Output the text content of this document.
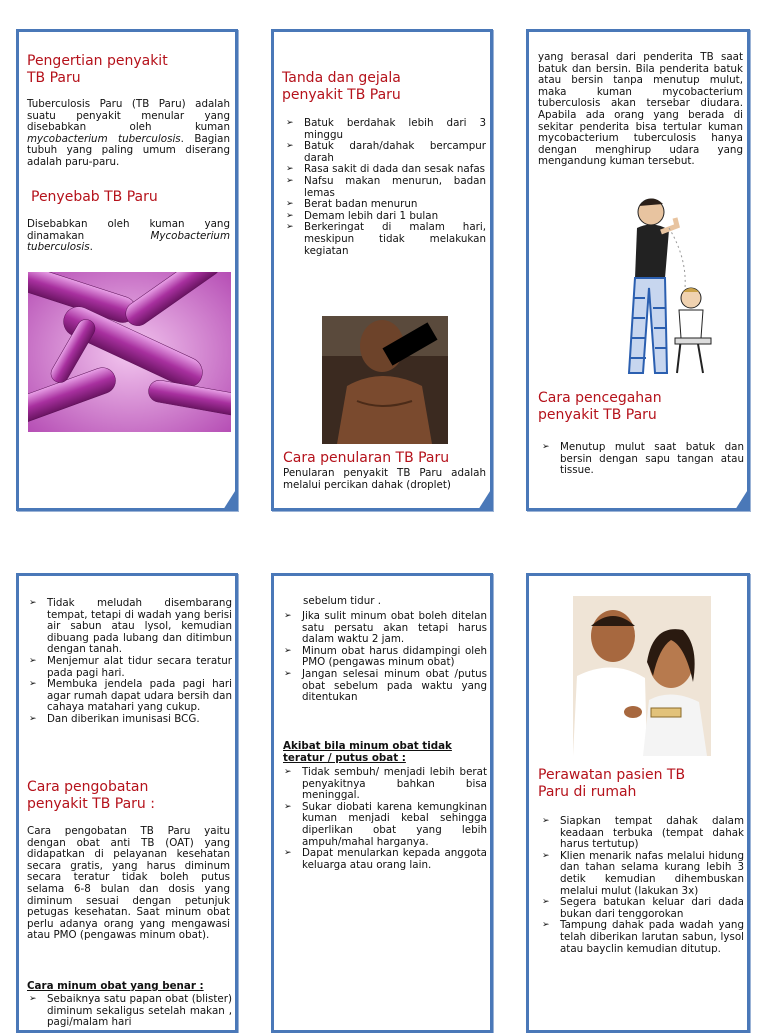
Pengertian penyakit
TB Paru

Tuberculosis Paru (TB Paru) adalah suatu penyakit menular yang disebabkan oleh kuman mycobacterium tuberculosis. Bagian tubuh yang paling umum diserang adalah paru-paru.

Penyebab TB Paru

Disebabkan oleh kuman yang dinamakan Mycobacterium tuberculosis.

Tanda dan gejala
penyakit TB Paru
➢ Batuk berdahak lebih dari 3 minggu
➢ Batuk darah/dahak bercampur darah
➢ Rasa sakit di dada dan sesak nafas
➢ Nafsu makan menurun, badan lemas
➢ Berat badan menurun
➢ Demam lebih dari 1 bulan
➢ Berkeringat di malam hari, meskipun tidak melakukan kegiatan
Cara penularan TB Paru

Penularan penyakit TB Paru adalah melalui percikan dahak (droplet)

yang berasal dari penderita TB saat batuk dan bersin. Bila penderita batuk atau bersin tanpa menutup mulut, maka kuman mycobacterium tuberculosis akan tersebar diudara. Apabila ada orang yang berada di sekitar penderita bisa tertular kuman mycobacterium tuberculosis hanya dengan menghirup udara yang mengandung kuman tersebut.

Cara pencegahan
penyakit TB Paru
➢ Menutup mulut saat batuk dan bersin dengan sapu tangan atau tissue.
➢ Tidak meludah disembarang tempat, tetapi di wadah yang berisi air sabun atau lysol, kemudian dibuang pada lubang dan ditimbun dengan tanah.
➢ Menjemur alat tidur secara teratur pada pagi hari.
➢ Membuka jendela pada pagi hari agar rumah dapat udara bersih dan cahaya matahari yang cukup.
➢ Dan diberikan imunisasi BCG.
Cara pengobatan
penyakit TB Paru :

Cara pengobatan TB Paru yaitu dengan obat anti TB (OAT) yang didapatkan di pelayanan kesehatan secara gratis, yang harus diminum secara teratur tidak boleh putus selama 6-8 bulan dan dosis yang diminum sesuai dengan petunjuk petugas kesehatan. Saat minum obat perlu adanya orang yang mengawasi atau PMO (pengawas minum obat).

Cara minum obat yang benar :

➢ Sebaiknya satu papan obat (blister) diminum sekaligus setelah makan , pagi/malam hari

sebelum tidur .

➢ Jika sulit minum obat boleh ditelan satu persatu akan tetapi harus dalam waktu 2 jam.
➢ Minum obat harus didampingi oleh PMO (pengawas minum obat)
➢ Jangan selesai minum obat /putus obat sebelum pada waktu yang ditentukan

Akibat bila minum obat tidak teratur / putus obat :

➢ Tidak sembuh/ menjadi lebih berat penyakitnya bahkan bisa meninggal.
➢ Sukar diobati karena kemungkinan kuman menjadi kebal sehingga diperlikan obat yang lebih ampuh/mahal harganya.
➢ Dapat menularkan kepada anggota keluarga atau orang lain.
Perawatan pasien TB
Paru di rumah
➢ Siapkan tempat dahak dalam keadaan terbuka (tempat dahak harus tertutup)
➢ Klien menarik nafas melalui hidung dan tahan selama kurang lebih 3 detik kemudian dihembuskan melalui mulut (lakukan 3x)
➢ Segera batukan keluar dari dada bukan dari tenggorokan
➢ Tampung dahak pada wadah yang telah diberikan larutan sabun, lysol atau bayclin kemudian ditutup.
